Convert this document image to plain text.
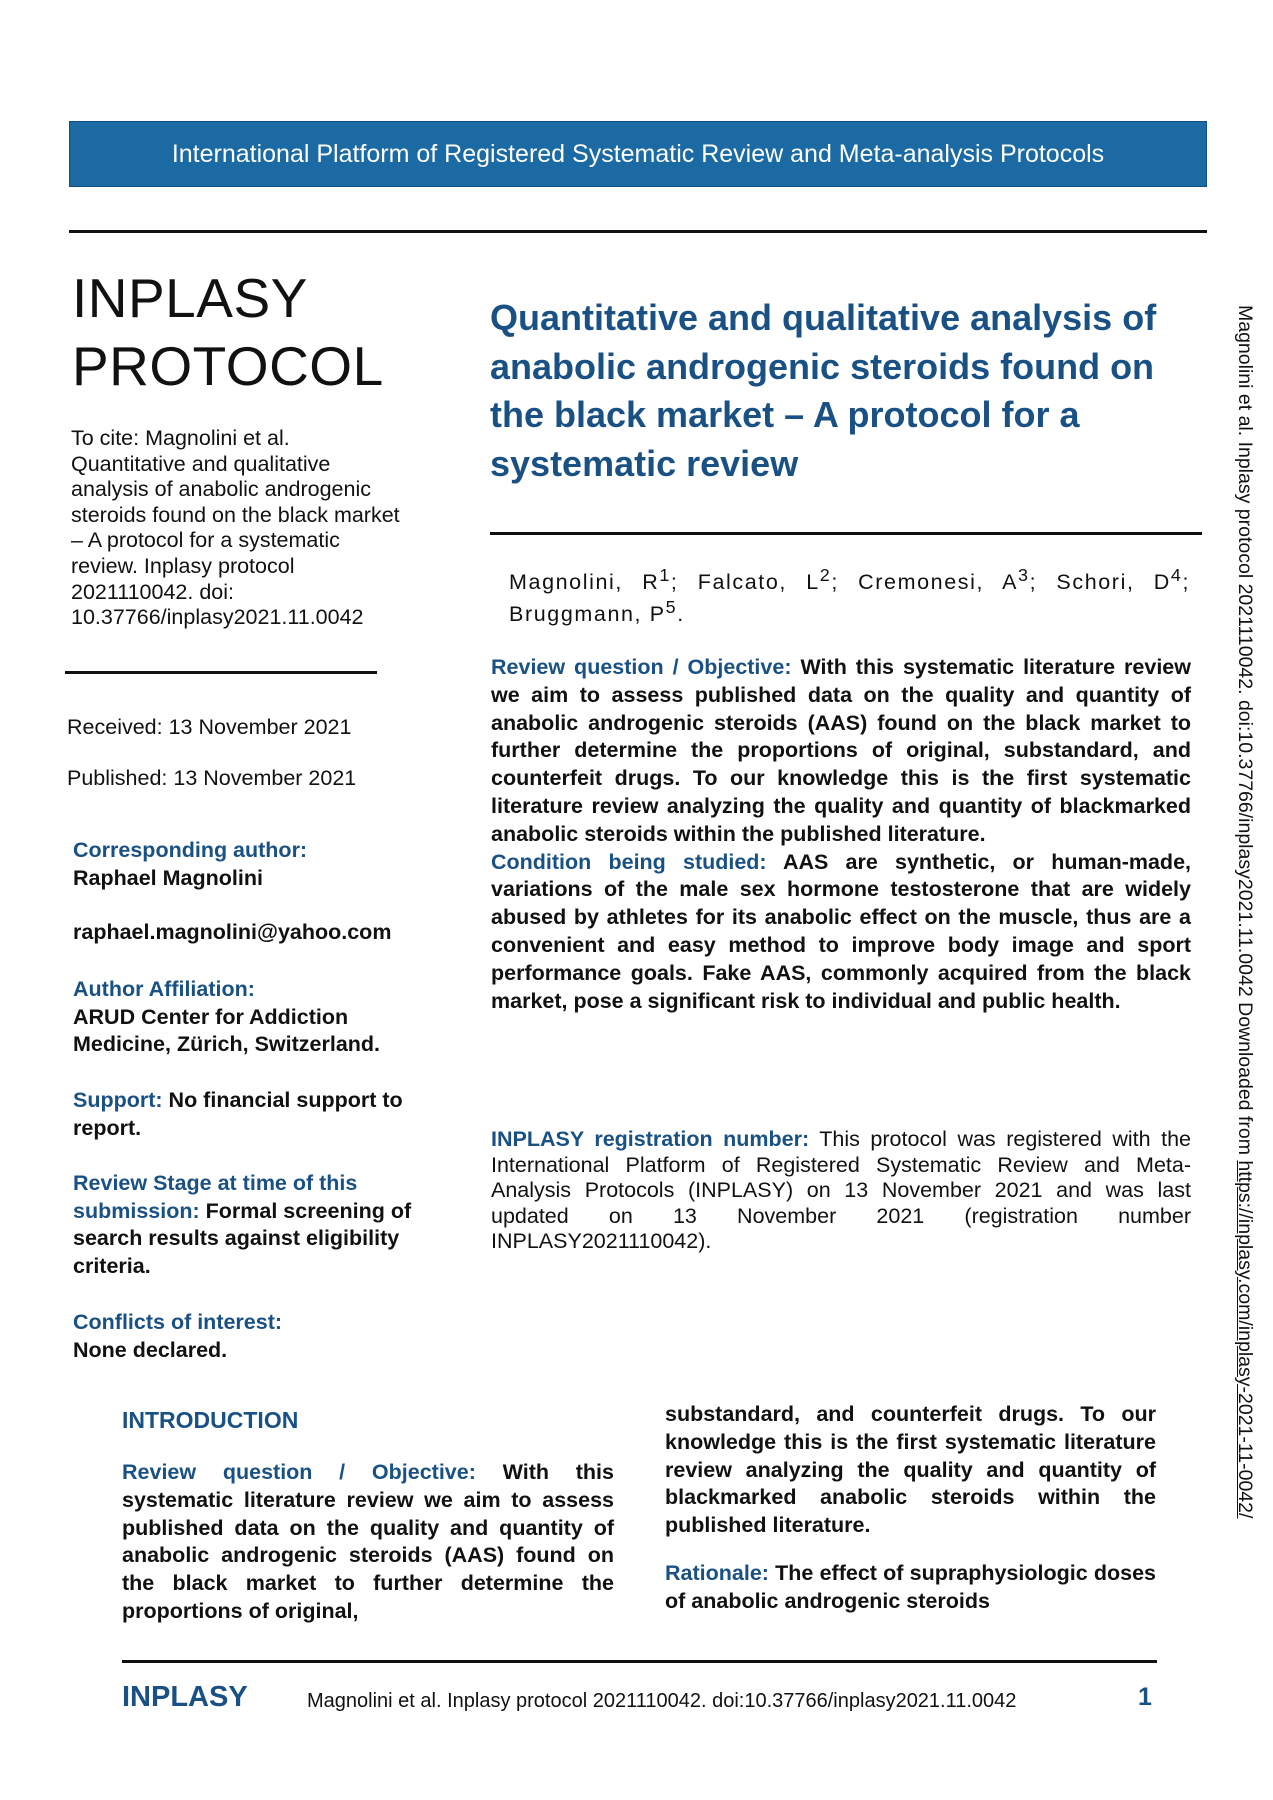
International Platform of Registered Systematic Review and Meta-analysis Protocols
INPLASY
PROTOCOL
To cite: Magnolini et al. Quantitative and qualitative analysis of anabolic androgenic steroids found on the black market – A protocol for a systematic review. Inplasy protocol 2021110042. doi: 10.37766/inplasy2021.11.0042
Received: 13 November 2021
Published: 13 November 2021
Corresponding author:
Raphael Magnolini
raphael.magnolini@yahoo.com
Author Affiliation:
ARUD Center for Addiction Medicine, Zürich, Switzerland.
Support: No financial support to report.
Review Stage at time of this submission: Formal screening of search results against eligibility criteria.
Conflicts of interest:
None declared.
Quantitative and qualitative analysis of anabolic androgenic steroids found on the black market – A protocol for a systematic review
Magnolini, $R^1$; Falcato, $L^2$; Cremonesi, $A^3$; Schori, $D^4$; Bruggmann, $P^5$.
Review question / Objective: With this systematic literature review we aim to assess published data on the quality and quantity of anabolic androgenic steroids (AAS) found on the black market to further determine the proportions of original, substandard, and counterfeit drugs. To our knowledge this is the first systematic literature review analyzing the quality and quantity of blackmarked anabolic steroids within the published literature.
Condition being studied: AAS are synthetic, or human-made, variations of the male sex hormone testosterone that are widely abused by athletes for its anabolic effect on the muscle, thus are a convenient and easy method to improve body image and sport performance goals. Fake AAS, commonly acquired from the black market, pose a significant risk to individual and public health.
INPLASY registration number: This protocol was registered with the International Platform of Registered Systematic Review and Meta-Analysis Protocols (INPLASY) on 13 November 2021 and was last updated on 13 November 2021 (registration number INPLASY2021110042).
INTRODUCTION
Review question / Objective: With this systematic literature review we aim to assess published data on the quality and quantity of anabolic androgenic steroids (AAS) found on the black market to further determine the proportions of original,
substandard, and counterfeit drugs. To our knowledge this is the first systematic literature review analyzing the quality and quantity of blackmarked anabolic steroids within the published literature.
Rationale: The effect of supraphysiologic doses of anabolic androgenic steroids
INPLASY	Magnolini et al. Inplasy protocol 2021110042. doi:10.37766/inplasy2021.11.0042	1
Magnolini et al. Inplasy protocol 2021110042. doi:10.37766/inplasy2021.11.0042 Downloaded from https://inplasy.com/inplasy-2021-11-0042/
